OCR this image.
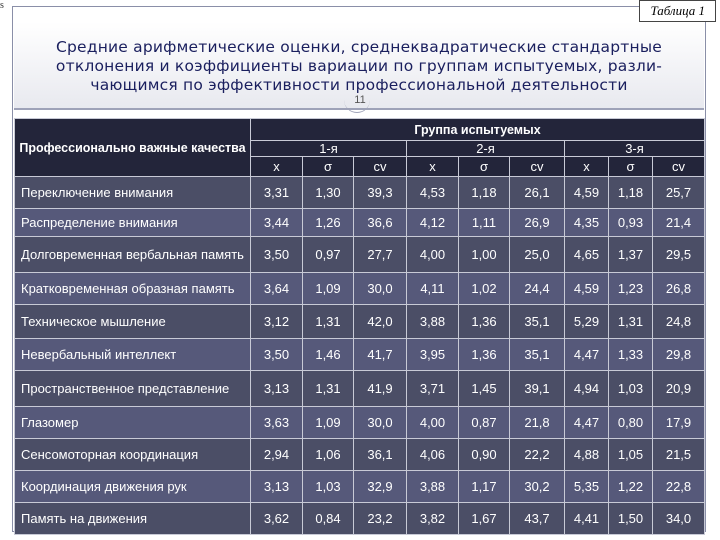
s	Таблица 1
Средние арифметические оценки, среднеквадратические стандартные
отклонения и коэффициенты вариации по группам испытуемых, разли-
чающимся по эффективности профессиональной деятельности
11
Профессионально важные качества	Группа испытуемых								
	1-я			2-я			3-я		
	x	σ	cv	x	σ	cv	x	σ	cv
Переключение внимания	3,31	1,30	39,3	4,53	1,18	26,1	4,59	1,18	25,7
Распределение внимания	3,44	1,26	36,6	4,12	1,11	26,9	4,35	0,93	21,4
Долговременная вербальная память	3,50	0,97	27,7	4,00	1,00	25,0	4,65	1,37	29,5
Кратковременная образная память	3,64	1,09	30,0	4,11	1,02	24,4	4,59	1,23	26,8
Техническое мышление	3,12	1,31	42,0	3,88	1,36	35,1	5,29	1,31	24,8
Невербальный интеллект	3,50	1,46	41,7	3,95	1,36	35,1	4,47	1,33	29,8
Пространственное представление	3,13	1,31	41,9	3,71	1,45	39,1	4,94	1,03	20,9
Глазомер	3,63	1,09	30,0	4,00	0,87	21,8	4,47	0,80	17,9
Сенсомоторная координация	2,94	1,06	36,1	4,06	0,90	22,2	4,88	1,05	21,5
Координация движения рук	3,13	1,03	32,9	3,88	1,17	30,2	5,35	1,22	22,8
Память на движения	3,62	0,84	23,2	3,82	1,67	43,7	4,41	1,50	34,0
